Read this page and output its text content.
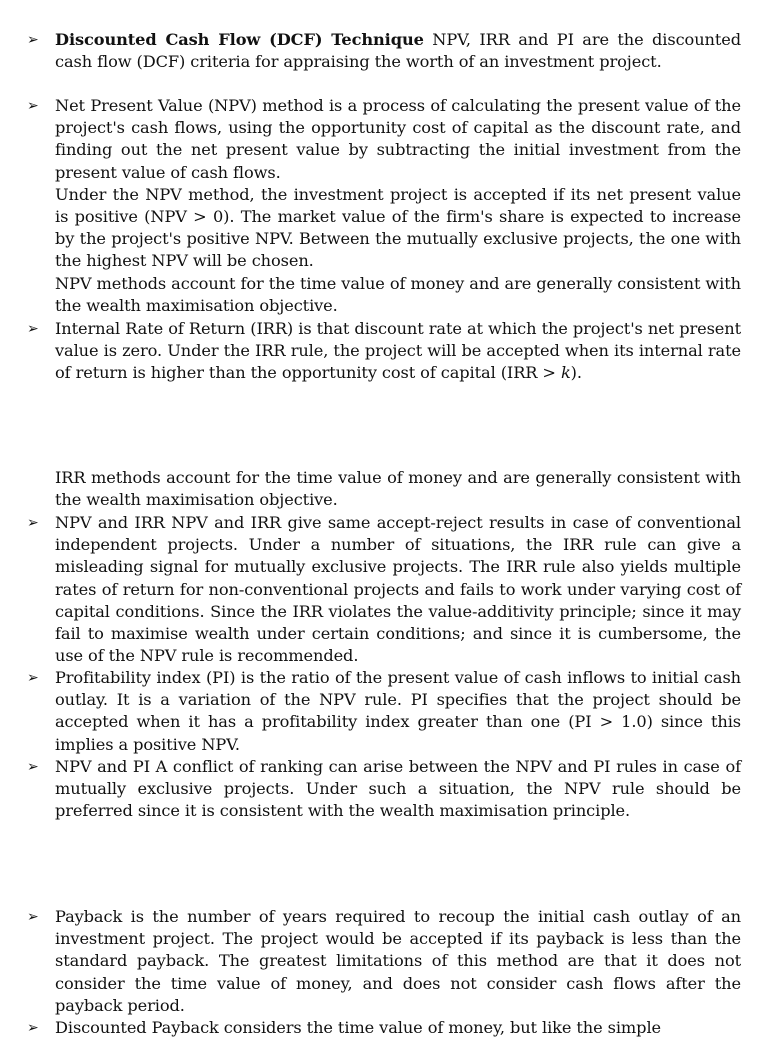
➢ Discounted Cash Flow (DCF) Technique NPV, IRR and PI are the discounted cash flow (DCF) criteria for appraising the worth of an investment project.
➢ Net Present Value (NPV) method is a process of calculating the present value of the project's cash flows, using the opportunity cost of capital as the discount rate, and finding out the net present value by subtracting the initial investment from the present value of cash flows.

Under the NPV method, the investment project is accepted if its net present value is positive (NPV > 0). The market value of the firm's share is expected to increase by the project's positive NPV. Between the mutually exclusive projects, the one with the highest NPV will be chosen.

NPV methods account for the time value of money and are generally consistent with the wealth maximisation objective.

➢ Internal Rate of Return (IRR) is that discount rate at which the project's net present value is zero. Under the IRR rule, the project will be accepted when its internal rate of return is higher than the opportunity cost of capital (IRR > k).

IRR methods account for the time value of money and are generally consistent with the wealth maximisation objective.

➢ NPV and IRR NPV and IRR give same accept-reject results in case of conventional independent projects. Under a number of situations, the IRR rule can give a misleading signal for mutually exclusive projects. The IRR rule also yields multiple rates of return for non-conventional projects and fails to work under varying cost of capital conditions. Since the IRR violates the value-additivity principle; since it may fail to maximise wealth under certain conditions; and since it is cumbersome, the use of the NPV rule is recommended.

➢ Profitability index (PI) is the ratio of the present value of cash inflows to initial cash outlay. It is a variation of the NPV rule. PI specifies that the project should be accepted when it has a profitability index greater than one (PI > 1.0) since this implies a positive NPV.

➢ NPV and PI A conflict of ranking can arise between the NPV and PI rules in case of mutually exclusive projects. Under such a situation, the NPV rule should be preferred since it is consistent with the wealth maximisation principle.

➢ Payback is the number of years required to recoup the initial cash outlay of an investment project. The project would be accepted if its payback is less than the standard payback. The greatest limitations of this method are that it does not consider the time value of money, and does not consider cash flows after the payback period.

➢ Discounted Payback considers the time value of money, but like the simple
